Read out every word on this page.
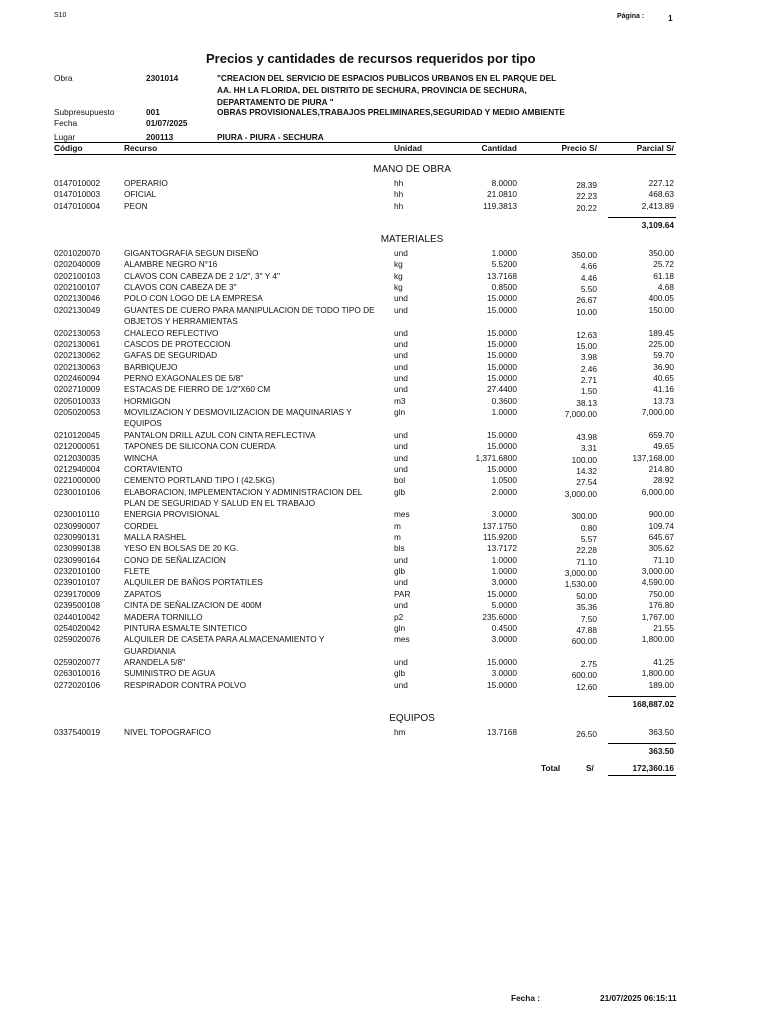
S10	Página :	1
Precios y cantidades de recursos requeridos por tipo
Obra	2301014	"CREACION DEL SERVICIO DE ESPACIOS PUBLICOS URBANOS EN EL PARQUE DEL
AA. HH LA FLORIDA, DEL DISTRITO DE SECHURA, PROVINCIA DE SECHURA,
DEPARTAMENTO DE PIURA "
Subpresupuesto	001	OBRAS PROVISIONALES,TRABAJOS PRELIMINARES,SEGURIDAD Y MEDIO AMBIENTE
Fecha	01/07/2025
Lugar	200113	PIURA - PIURA - SECHURA
Código	Recurso	Unidad	Cantidad	Precio S/	Parcial S/
MANO DE OBRA
0147010002	OPERARIO	hh	8.0000	28.39	227.12
0147010003	OFICIAL	hh	21.0810	22.23	468.63
0147010004	PEON	hh	119.3813	20.22	2,413.89
3,109.64
MATERIALES
0201020070	GIGANTOGRAFIA SEGUN DISEÑO	und	1.0000	350.00	350.00
0202040009	ALAMBRE NEGRO N°16	kg	5.5200	4.66	25.72
0202100103	CLAVOS CON CABEZA DE 2 1/2", 3" Y 4"	kg	13.7168	4.46	61.18
0202100107	CLAVOS CON CABEZA DE 3"	kg	0.8500	5.50	4.68
0202130046	POLO CON LOGO DE LA EMPRESA	und	15.0000	26.67	400.05
0202130049	GUANTES DE CUERO PARA MANIPULACION DE TODO TIPO DE und	15.0000	10.00	150.00
OBJETOS Y HERRAMIENTAS
0202130053	CHALECO REFLECTIVO	und	15.0000	12.63	189.45
0202130061	CASCOS DE PROTECCION	und	15.0000	15.00	225.00
0202130062	GAFAS DE SEGURIDAD	und	15.0000	3.98	59.70
0202130063	BARBIQUEJO	und	15.0000	2.46	36.90
0202460094	PERNO EXAGONALES DE 5/8"	und	15.0000	2.71	40.65
0202710009	ESTACAS DE FIERRO DE 1/2"X60 CM	und	27.4400	1.50	41.16
0205010033	HORMIGON	m3	0.3600	38.13	13.73
0205020053	MOVILIZACION Y DESMOVILIZACION DE MAQUINARIAS Y	gln	1.0000	7,000.00	7,000.00
EQUIPOS
0210120045	PANTALON DRILL AZUL CON CINTA REFLECTIVA	und	15.0000	43.98	659.70
0212000051	TAPONES DE SILICONA CON CUERDA	und	15.0000	3.31	49.65
0212030035	WINCHA	und	1,371.6800	100.00	137,168.00
0212940004	CORTAVIENTO	und	15.0000	14.32	214.80
0221000000	CEMENTO PORTLAND TIPO I (42.5KG)	bol	1.0500	27.54	28.92
0230010106	ELABORACION, IMPLEMENTACION Y ADMINISTRACION DEL	glb	2.0000	3,000.00	6,000.00
PLAN DE SEGURIDAD Y SALUD EN EL TRABAJO
0230010110	ENERGIA PROVISIONAL	mes	3.0000	300.00	900.00
0230990007	CORDEL	m	137.1750	0.80	109.74
0230990131	MALLA RASHEL	m	115.9200	5.57	645.67
0230990138	YESO EN BOLSAS DE 20 KG.	bls	13.7172	22.28	305.62
0230990164	CONO DE SEÑALIZACION	und	1.0000	71.10	71.10
0232010100	FLETE	glb	1.0000	3,000.00	3,000.00
0239010107	ALQUILER DE BAÑOS PORTATILES	und	3.0000	1,530.00	4,590.00
0239170009	ZAPATOS	PAR	15.0000	50.00	750.00
0239500108	CINTA DE SEÑALIZACION DE 400M	und	5.0000	35.36	176.80
0244010042	MADERA TORNILLO	p2	235.6000	7.50	1,767.00
0254020042	PINTURA ESMALTE SINTETICO	gln	0.4500	47.88	21.55
0259020076	ALQUILER DE CASETA PARA ALMACENAMIENTO Y	mes	3.0000	600.00	1,800.00
GUARDIANIA
0259020077	ARANDELA 5/8"	und	15.0000	2.75	41.25
0263010016	SUMINISTRO DE AGUA	glb	3.0000	600.00	1,800.00
0272020106	RESPIRADOR CONTRA POLVO	und	15.0000	12.60	189.00
168,887.02
EQUIPOS
0337540019	NIVEL TOPOGRAFICO	hm	13.7168	26.50	363.50
363.50
Total	S/	172,360.16
Fecha :	21/07/2025 06:15:11
